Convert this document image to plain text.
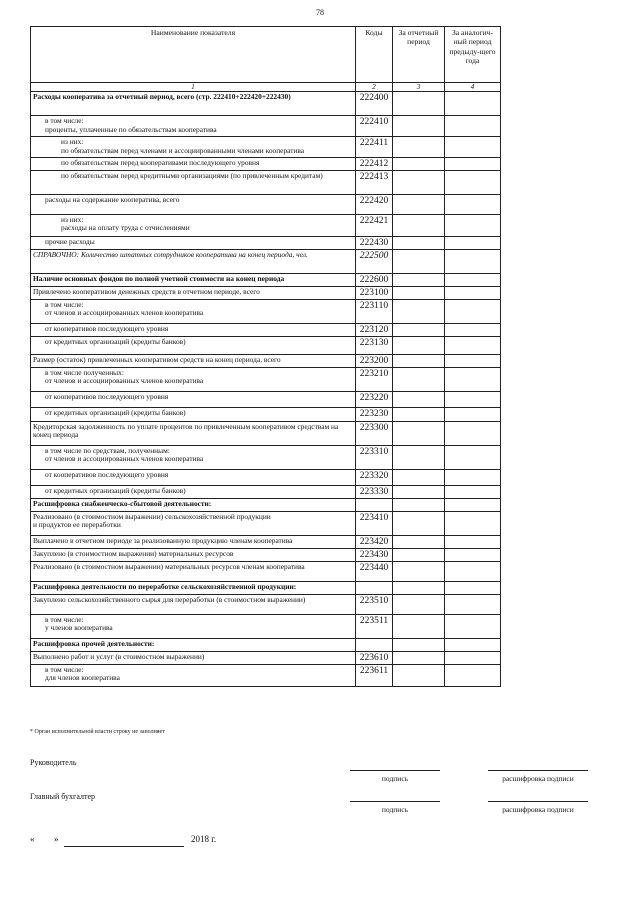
78
Наименование показателя	Коды	За отчетный период	За аналогич-ный период предыду-щего года
1	2	3	4
Расходы кооператива за отчетный период, всего (стр. 222410+222420+222430)	222400		
в том числе:
проценты, уплаченные по обязательствам кооператива	222410		
из них:
по обязательствам перед членами и ассоциированными членами кооператива	222411		
по обязательствам перед кооперативами последующего уровня	222412		
по обязательствам перед кредитными организациями (по привлеченным кредитам)	222413		
расходы на содержание кооператива, всего	222420		
из них:
расходы на оплату труда с отчислениями	222421		
прочие расходы	222430		
СПРАВОЧНО: Количество штатных сотрудников кооператива на конец периода, чел.	222500		
Наличие основных фондов по полной учетной стоимости на конец периода	222600		
Привлечено кооперативом денежных средств в отчетном периоде, всего	223100		
в том числе:
от членов и ассоциированных членов кооператива	223110		
от кооперативов последующего уровня	223120		
от кредитных организаций (кредиты банков)	223130		
Размер (остаток) привлеченных кооперативом средств на конец периода, всего	223200		
в том числе полученных:
от членов и ассоциированных членов кооператива	223210		
от кооперативов последующего уровня	223220		
от кредитных организаций (кредиты банков)	223230		
Кредиторская задолженность по уплате процентов по привлеченным кооперативом средствам на конец периода	223300		
в том числе по средствам, полученным:
от членов и ассоциированных членов кооператива	223310		
от кооперативов последующего уровня	223320		
от кредитных организаций (кредиты банков)	223330		
Расшифровка снабженческо-сбытовой деятельности:			
Реализовано (в стоимостном выражении) сельскохозяйственной продукции
и продуктов ее переработки	223410		
Выплачено в отчетном периоде за реализованную продукцию членам кооператива	223420		
Закуплено (в стоимостном выражении) материальных ресурсов	223430		
Реализовано (в стоимостном выражении) материальных ресурсов членам кооператива	223440		
Расшифровка деятельности по переработке сельскохозяйственной продукции:			
Закуплено сельскохозяйственного сырья для переработки (в стоимостном выражении)	223510		
в том числе:
у членов кооператива	223511		
Расшифровка прочей деятельности:			
Выполнено работ и услуг (в стоимостном выражении)	223610		
в том числе:
для членов кооператива	223611		
* Орган исполнительной власти строку не заполняет
Руководитель
подпись	расшифровка подписи
Главный бухгалтер
подпись	расшифровка подписи
« »	2018 г.
